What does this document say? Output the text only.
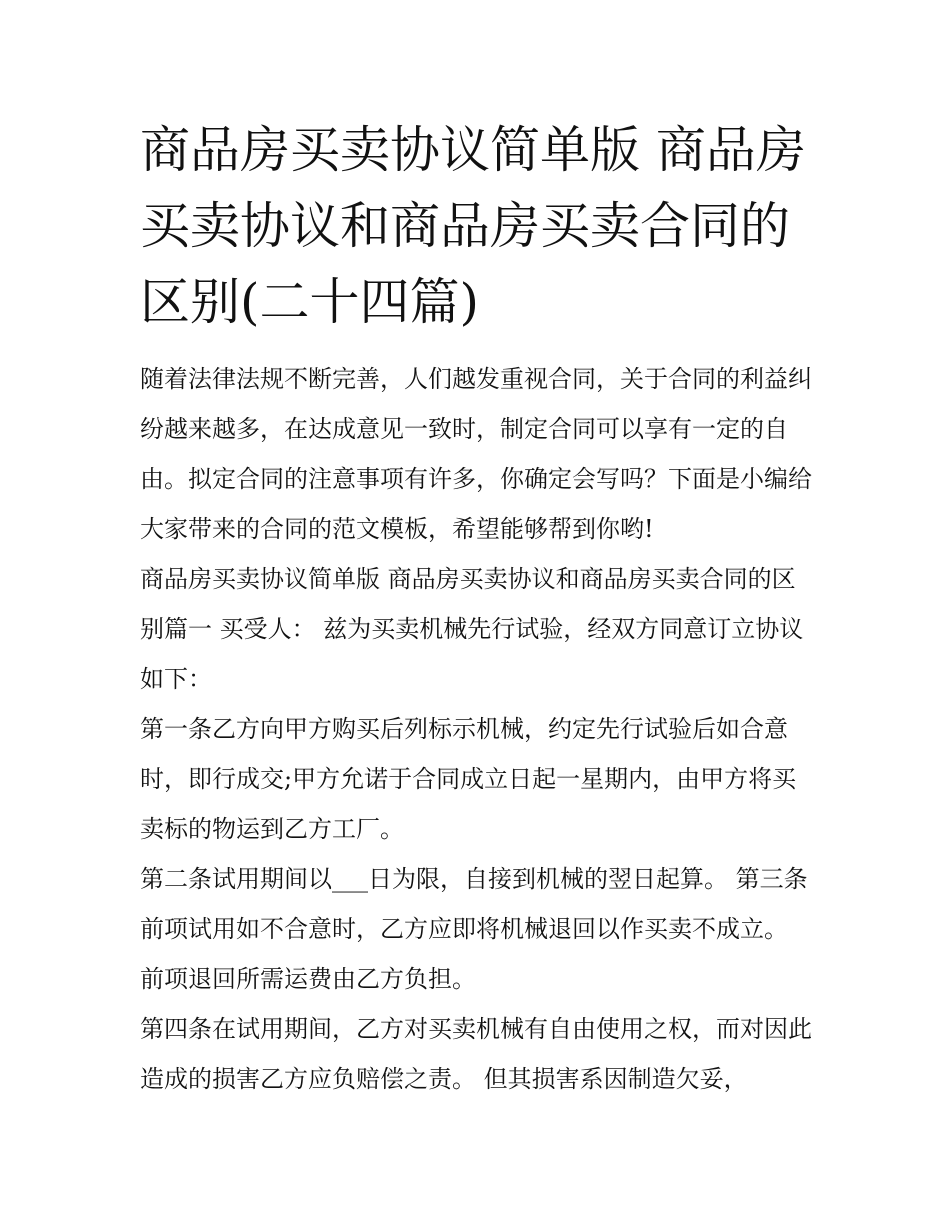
商品房买卖协议简单版 商品房买卖协议和商品房买卖合同的区别(二十四篇)

随着法律法规不断完善，人们越发重视合同，关于合同的利益纠纷越来越多，在达成意见一致时，制定合同可以享有一定的自由。拟定合同的注意事项有许多，你确定会写吗？下面是小编给大家带来的合同的范文模板，希望能够帮到你哟!

商品房买卖协议简单版 商品房买卖协议和商品房买卖合同的区别篇一 买受人： 兹为买卖机械先行试验，经双方同意订立协议如下：

第一条乙方向甲方购买后列标示机械，约定先行试验后如合意时，即行成交;甲方允诺于合同成立日起一星期内，由甲方将买卖标的物运到乙方工厂。

第二条试用期间以___日为限，自接到机械的翌日起算。 第三条前项试用如不合意时，乙方应即将机械退回以作买卖不成立。 前项退回所需运费由乙方负担。

第四条在试用期间，乙方对买卖机械有自由使用之权，而对因此造成的损害乙方应负赔偿之责。 但其损害系因制造欠妥，
